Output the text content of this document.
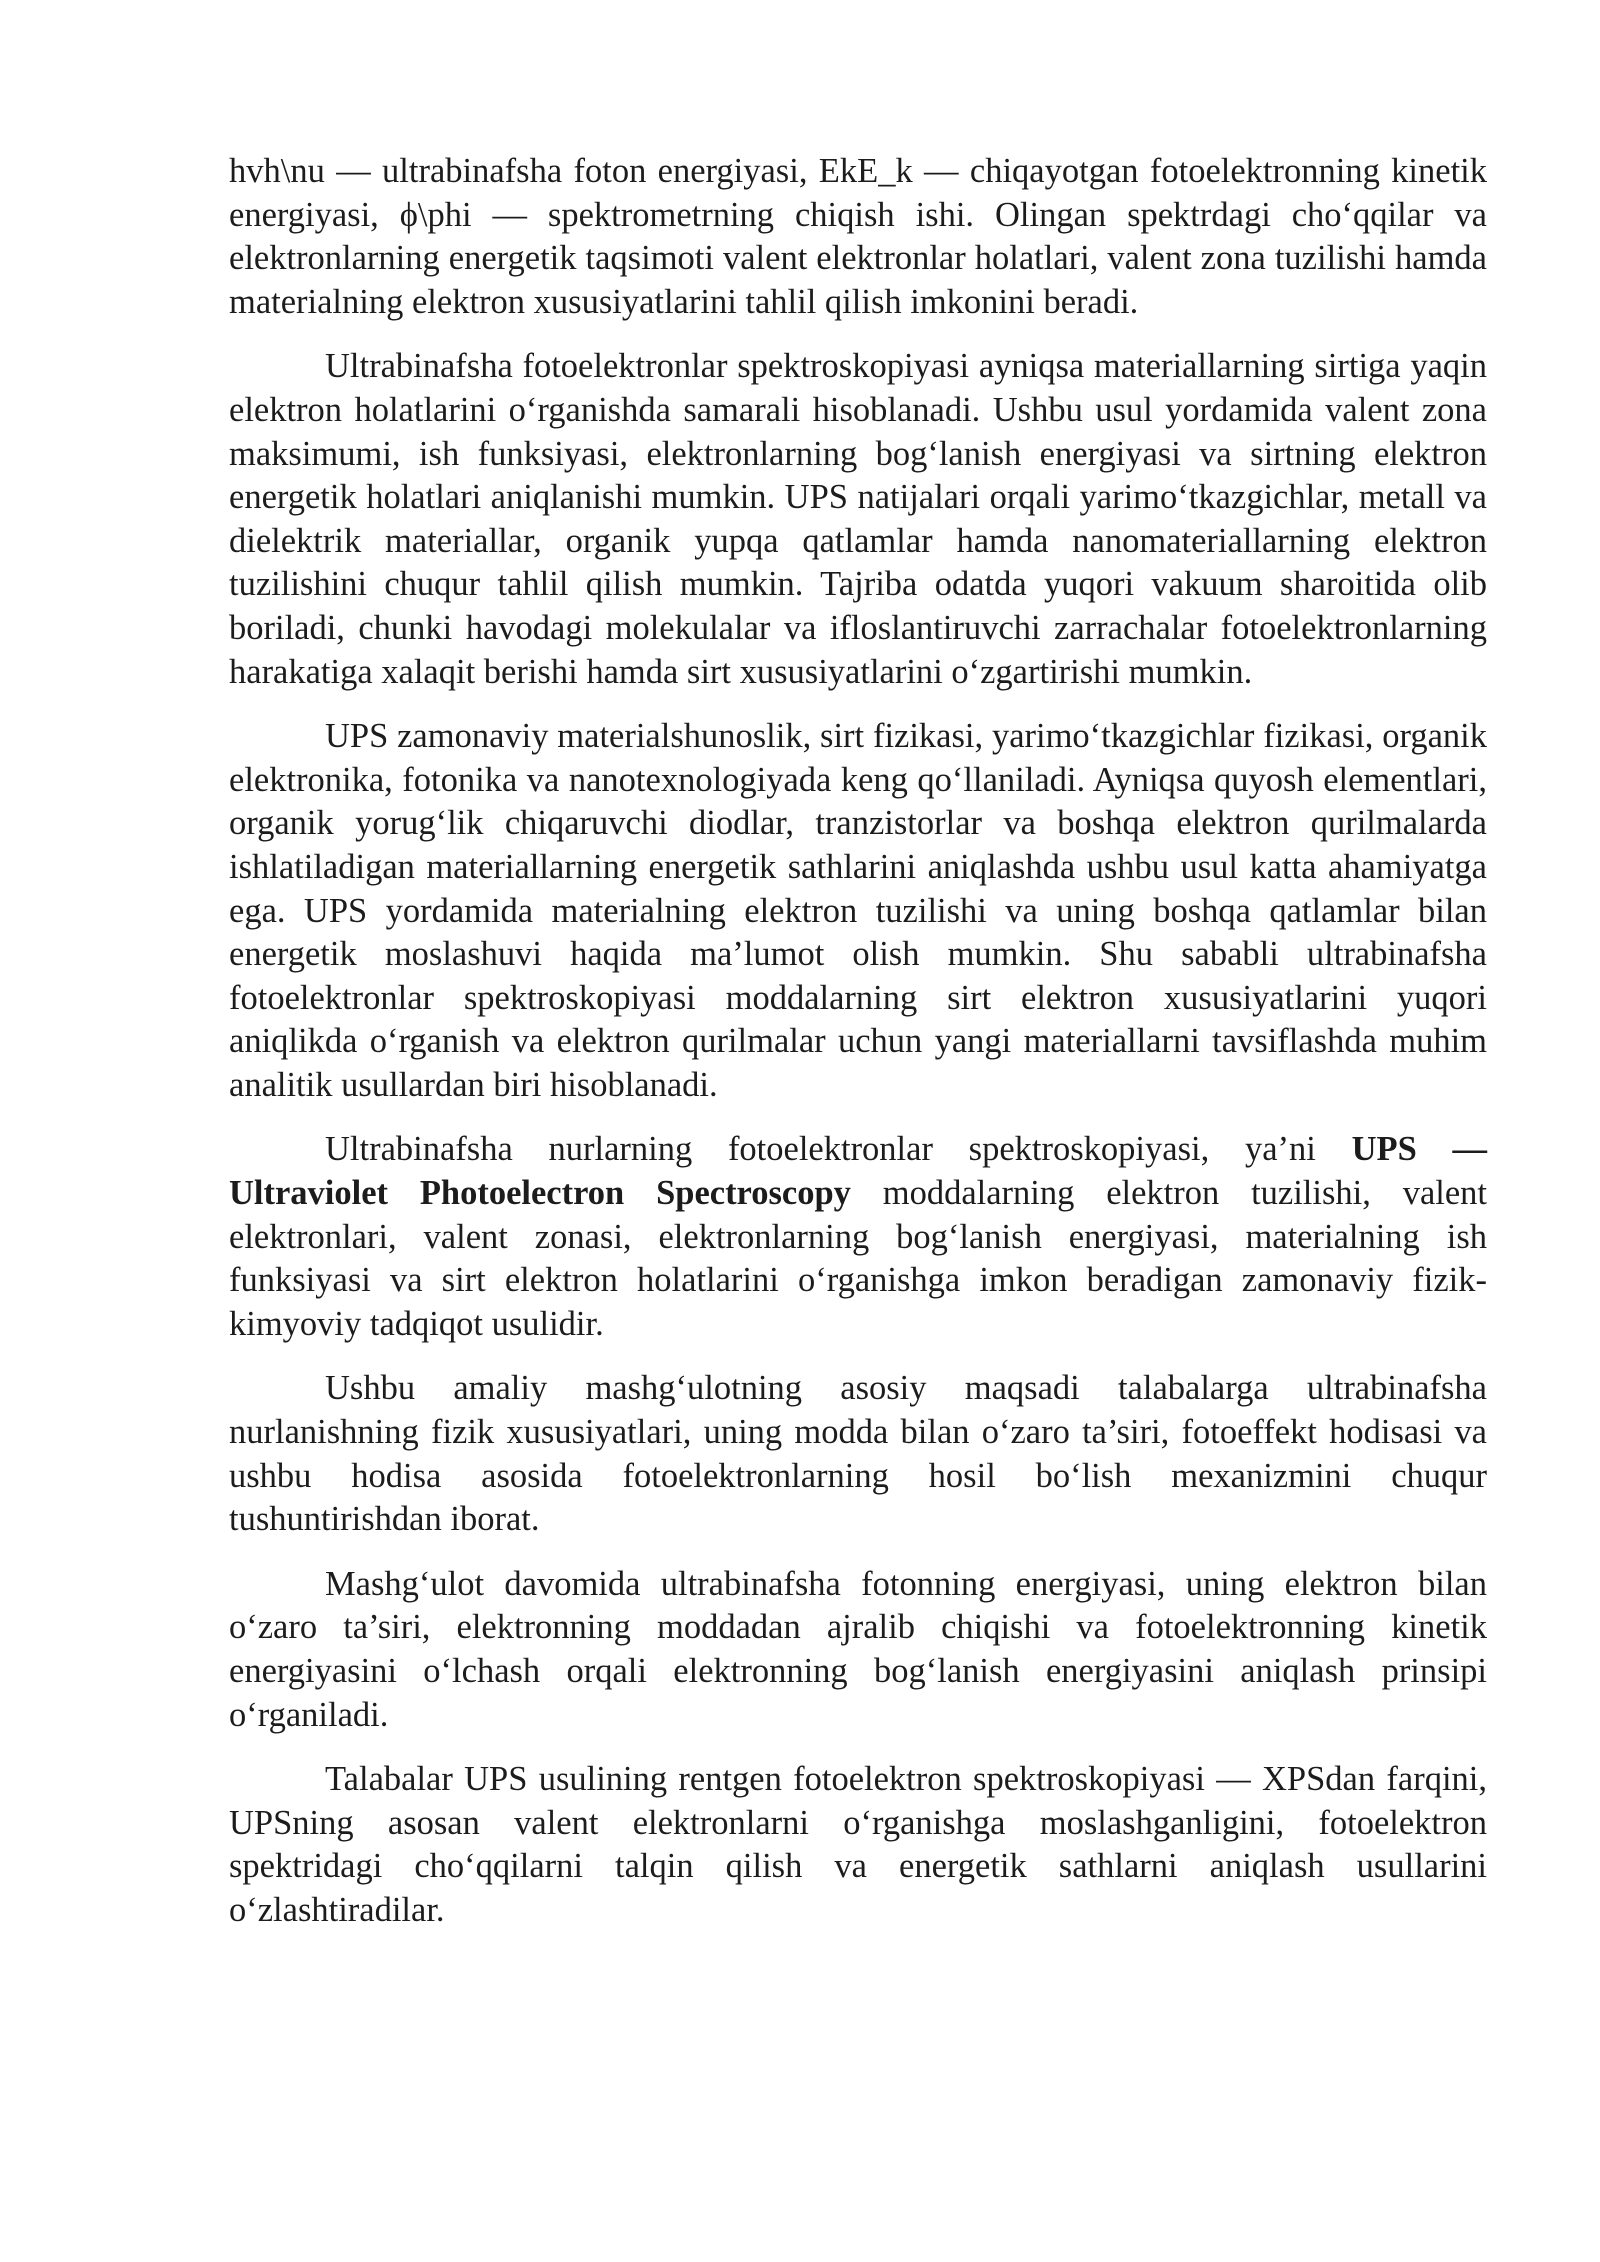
hvh\nu — ultrabinafsha foton energiyasi, EkE_k — chiqayotgan fotoelektronning kinetik energiyasi, ϕ\phi — spektrometrning chiqish ishi. Olingan spektrdagi cho‘qqilar va elektronlarning energetik taqsimoti valent elektronlar holatlari, valent zona tuzilishi hamda materialning elektron xususiyatlarini tahlil qilish imkonini beradi.

Ultrabinafsha fotoelektronlar spektroskopiyasi ayniqsa materiallarning sirtiga yaqin elektron holatlarini o‘rganishda samarali hisoblanadi. Ushbu usul yordamida valent zona maksimumi, ish funksiyasi, elektronlarning bog‘lanish energiyasi va sirtning elektron energetik holatlari aniqlanishi mumkin. UPS natijalari orqali yarimo‘tkazgichlar, metall va dielektrik materiallar, organik yupqa qatlamlar hamda nanomateriallarning elektron tuzilishini chuqur tahlil qilish mumkin. Tajriba odatda yuqori vakuum sharoitida olib boriladi, chunki havodagi molekulalar va ifloslantiruvchi zarrachalar fotoelektronlarning harakatiga xalaqit berishi hamda sirt xususiyatlarini o‘zgartirishi mumkin.

UPS zamonaviy materialshunoslik, sirt fizikasi, yarimo‘tkazgichlar fizikasi, organik elektronika, fotonika va nanotexnologiyada keng qo‘llaniladi. Ayniqsa quyosh elementlari, organik yorug‘lik chiqaruvchi diodlar, tranzistorlar va boshqa elektron qurilmalarda ishlatiladigan materiallarning energetik sathlarini aniqlashda ushbu usul katta ahamiyatga ega. UPS yordamida materialning elektron tuzilishi va uning boshqa qatlamlar bilan energetik moslashuvi haqida ma’lumot olish mumkin. Shu sababli ultrabinafsha fotoelektronlar spektroskopiyasi moddalarning sirt elektron xususiyatlarini yuqori aniqlikda o‘rganish va elektron qurilmalar uchun yangi materiallarni tavsiflashda muhim analitik usullardan biri hisoblanadi.

Ultrabinafsha nurlarning fotoelektronlar spektroskopiyasi, ya’ni UPS — Ultraviolet Photoelectron Spectroscopy moddalarning elektron tuzilishi, valent elektronlari, valent zonasi, elektronlarning bog‘lanish energiyasi, materialning ish funksiyasi va sirt elektron holatlarini o‘rganishga imkon beradigan zamonaviy fizik-kimyoviy tadqiqot usulidir.

Ushbu amaliy mashg‘ulotning asosiy maqsadi talabalarga ultrabinafsha nurlanishning fizik xususiyatlari, uning modda bilan o‘zaro ta’siri, fotoeffekt hodisasi va ushbu hodisa asosida fotoelektronlarning hosil bo‘lish mexanizmini chuqur tushuntirishdan iborat.

Mashg‘ulot davomida ultrabinafsha fotonning energiyasi, uning elektron bilan o‘zaro ta’siri, elektronning moddadan ajralib chiqishi va fotoelektronning kinetik energiyasini o‘lchash orqali elektronning bog‘lanish energiyasini aniqlash prinsipi o‘rganiladi.

Talabalar UPS usulining rentgen fotoelektron spektroskopiyasi — XPSdan farqini, UPSning asosan valent elektronlarni o‘rganishga moslashganligini, fotoelektron spektridagi cho‘qqilarni talqin qilish va energetik sathlarni aniqlash usullarini o‘zlashtiradilar.
